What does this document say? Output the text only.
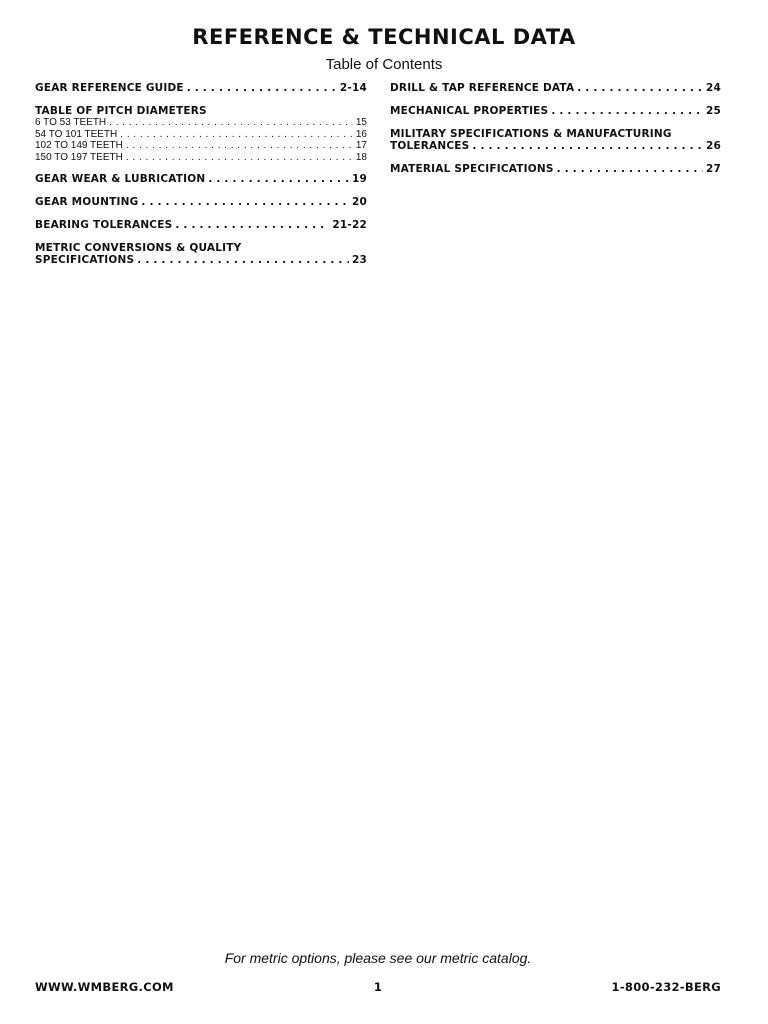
REFERENCE & TECHNICAL DATA
Table of Contents
GEAR REFERENCE GUIDE . . .	2-14
TABLE OF PITCH DIAMETERS
6 TO 53 TEETH . . .	15
54 TO 101 TEETH . . .	16
102 TO 149 TEETH . . .	17
150 TO 197 TEETH . . .	18
GEAR WEAR & LUBRICATION . . .	19
GEAR MOUNTING . . .	20
BEARING TOLERANCES . . .	21-22
METRIC CONVERSIONS & QUALITY
SPECIFICATIONS . . .	23
DRILL & TAP REFERENCE DATA . . .	24
MECHANICAL PROPERTIES . . .	25
MILITARY SPECIFICATIONS & MANUFACTURING
TOLERANCES . . .	26
MATERIAL SPECIFICATIONS . . .	27
For metric options, please see our metric catalog.
WWW.WMBERG.COM	1	1-800-232-BERG
